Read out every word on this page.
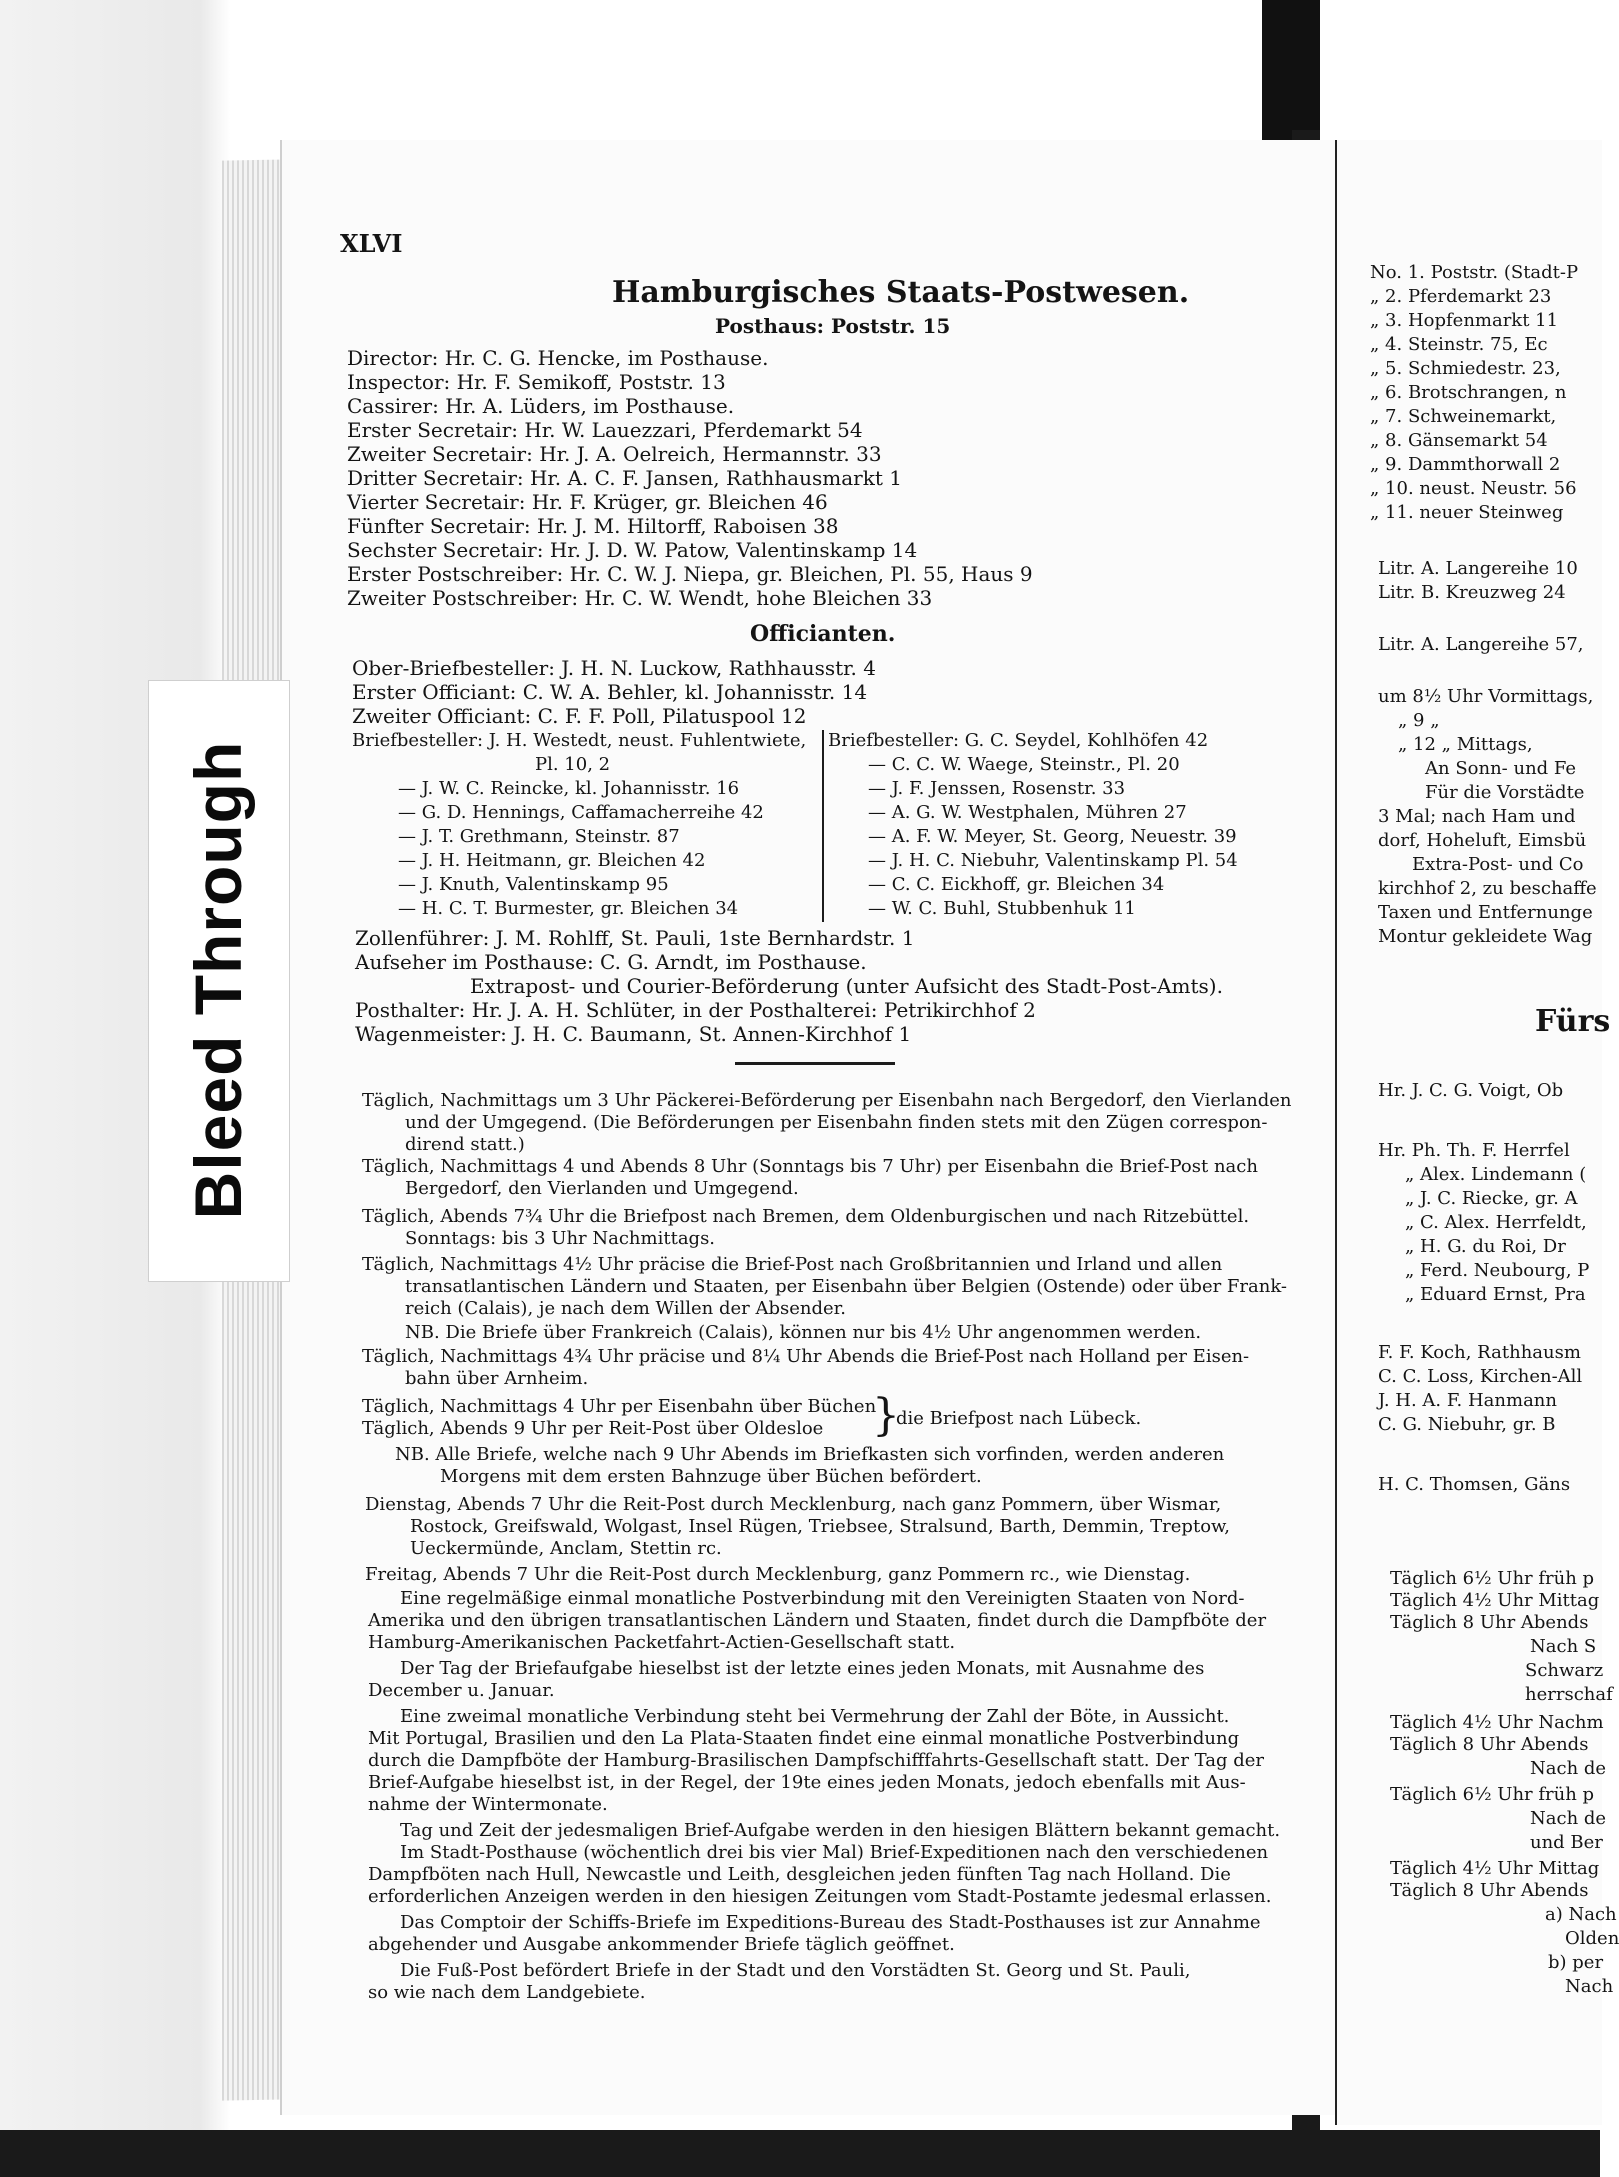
Bleed Through
XLVI
Hamburgisches Staats-Postwesen.
Posthaus: Poststr. 15
Director: Hr. C. G. Hencke, im Posthause.
Inspector: Hr. F. Semikoff, Poststr. 13
Cassirer: Hr. A. Lüders, im Posthause.
Erster Secretair: Hr. W. Lauezzari, Pferdemarkt 54
Zweiter Secretair: Hr. J. A. Oelreich, Hermannstr. 33
Dritter Secretair: Hr. A. C. F. Jansen, Rathhausmarkt 1
Vierter Secretair: Hr. F. Krüger, gr. Bleichen 46
Fünfter Secretair: Hr. J. M. Hiltorff, Raboisen 38
Sechster Secretair: Hr. J. D. W. Patow, Valentinskamp 14
Erster Postschreiber: Hr. C. W. J. Niepa, gr. Bleichen, Pl. 55, Haus 9
Zweiter Postschreiber: Hr. C. W. Wendt, hohe Bleichen 33
Officianten.
Ober-Briefbesteller: J. H. N. Luckow, Rathhausstr. 4
Erster Officiant: C. W. A. Behler, kl. Johannisstr. 14
Zweiter Officiant: C. F. F. Poll, Pilatuspool 12
Briefbesteller: J. H. Westedt, neust. Fuhlentwiete,
Pl. 10, 2
— J. W. C. Reincke, kl. Johannisstr. 16
— G. D. Hennings, Caffamacherreihe 42
— J. T. Grethmann, Steinstr. 87
— J. H. Heitmann, gr. Bleichen 42
— J. Knuth, Valentinskamp 95
— H. C. T. Burmester, gr. Bleichen 34
Briefbesteller: G. C. Seydel, Kohlhöfen 42
— C. C. W. Waege, Steinstr., Pl. 20
— J. F. Jenssen, Rosenstr. 33
— A. G. W. Westphalen, Mühren 27
— A. F. W. Meyer, St. Georg, Neuestr. 39
— J. H. C. Niebuhr, Valentinskamp Pl. 54
— C. C. Eickhoff, gr. Bleichen 34
— W. C. Buhl, Stubbenhuk 11
Zollenführer: J. M. Rohlff, St. Pauli, 1ste Bernhardstr. 1
Aufseher im Posthause: C. G. Arndt, im Posthause.
Extrapost- und Courier-Beförderung (unter Aufsicht des Stadt-Post-Amts).
Posthalter: Hr. J. A. H. Schlüter, in der Posthalterei: Petrikirchhof 2
Wagenmeister: J. H. C. Baumann, St. Annen-Kirchhof 1
Täglich, Nachmittags um 3 Uhr Päckerei-Beförderung per Eisenbahn nach Bergedorf, den Vierlanden
und der Umgegend. (Die Beförderungen per Eisenbahn finden stets mit den Zügen correspon-
dirend statt.)
Täglich, Nachmittags 4 und Abends 8 Uhr (Sonntags bis 7 Uhr) per Eisenbahn die Brief-Post nach
Bergedorf, den Vierlanden und Umgegend.
Täglich, Abends 7¾ Uhr die Briefpost nach Bremen, dem Oldenburgischen und nach Ritzebüttel.
Sonntags: bis 3 Uhr Nachmittags.
Täglich, Nachmittags 4½ Uhr präcise die Brief-Post nach Großbritannien und Irland und allen
transatlantischen Ländern und Staaten, per Eisenbahn über Belgien (Ostende) oder über Frank-
reich (Calais), je nach dem Willen der Absender.
NB. Die Briefe über Frankreich (Calais), können nur bis 4½ Uhr angenommen werden.
Täglich, Nachmittags 4¾ Uhr präcise und 8¼ Uhr Abends die Brief-Post nach Holland per Eisen-
bahn über Arnheim.
Täglich, Nachmittags 4 Uhr per Eisenbahn über Büchen
Täglich, Abends 9 Uhr per Reit-Post über Oldesloe }
die Briefpost nach Lübeck.
NB. Alle Briefe, welche nach 9 Uhr Abends im Briefkasten sich vorfinden, werden anderen
Morgens mit dem ersten Bahnzuge über Büchen befördert.
Dienstag, Abends 7 Uhr die Reit-Post durch Mecklenburg, nach ganz Pommern, über Wismar,
Rostock, Greifswald, Wolgast, Insel Rügen, Triebsee, Stralsund, Barth, Demmin, Treptow,
Ueckermünde, Anclam, Stettin rc.
Freitag, Abends 7 Uhr die Reit-Post durch Mecklenburg, ganz Pommern rc., wie Dienstag.
Eine regelmäßige einmal monatliche Postverbindung mit den Vereinigten Staaten von Nord-
Amerika und den übrigen transatlantischen Ländern und Staaten, findet durch die Dampfböte der
Hamburg-Amerikanischen Packetfahrt-Actien-Gesellschaft statt.
Der Tag der Briefaufgabe hieselbst ist der letzte eines jeden Monats, mit Ausnahme des
December u. Januar.
Eine zweimal monatliche Verbindung steht bei Vermehrung der Zahl der Böte, in Aussicht.
Mit Portugal, Brasilien und den La Plata-Staaten findet eine einmal monatliche Postverbindung
durch die Dampfböte der Hamburg-Brasilischen Dampfschifffahrts-Gesellschaft statt. Der Tag der
Brief-Aufgabe hieselbst ist, in der Regel, der 19te eines jeden Monats, jedoch ebenfalls mit Aus-
nahme der Wintermonate.
Tag und Zeit der jedesmaligen Brief-Aufgabe werden in den hiesigen Blättern bekannt gemacht.
Im Stadt-Posthause (wöchentlich drei bis vier Mal) Brief-Expeditionen nach den verschiedenen
Dampfböten nach Hull, Newcastle und Leith, desgleichen jeden fünften Tag nach Holland. Die
erforderlichen Anzeigen werden in den hiesigen Zeitungen vom Stadt-Postamte jedesmal erlassen.
Das Comptoir der Schiffs-Briefe im Expeditions-Bureau des Stadt-Posthauses ist zur Annahme
abgehender und Ausgabe ankommender Briefe täglich geöffnet.
Die Fuß-Post befördert Briefe in der Stadt und den Vorstädten St. Georg und St. Pauli,
so wie nach dem Landgebiete.
No. 1. Poststr. (Stadt-P
„ 2. Pferdemarkt 23
„ 3. Hopfenmarkt 11
„ 4. Steinstr. 75, Ec
„ 5. Schmiedestr. 23,
„ 6. Brotschrangen, n
„ 7. Schweinemarkt,
„ 8. Gänsemarkt 54
„ 9. Dammthorwall 2
„ 10. neust. Neustr. 56
„ 11. neuer Steinweg
Litr. A. Langereihe 10
Litr. B. Kreuzweg 24
Litr. A. Langereihe 57,
um 8½ Uhr Vormittags,
„ 9 „
„ 12 „ Mittags,
An Sonn- und Fe
Für die Vorstädte
3 Mal; nach Ham und
dorf, Hoheluft, Eimsbü
Extra-Post- und Co
kirchhof 2, zu beschaffe
Taxen und Entfernunge
Montur gekleidete Wag
Fürs
Hr. J. C. G. Voigt, Ob
Hr. Ph. Th. F. Herrfel
„ Alex. Lindemann (
„ J. C. Riecke, gr. A
„ C. Alex. Herrfeldt,
„ H. G. du Roi, Dr
„ Ferd. Neubourg, P
„ Eduard Ernst, Pra
F. F. Koch, Rathhausm
C. C. Loss, Kirchen-All
J. H. A. F. Hanmann
C. G. Niebuhr, gr. B
H. C. Thomsen, Gäns
Täglich 6½ Uhr früh p
Täglich 4½ Uhr Mittag
Täglich 8 Uhr Abends
Nach S
Schwarz
herrschaf
Täglich 4½ Uhr Nachm
Täglich 8 Uhr Abends
Nach de
Täglich 6½ Uhr früh p
Nach de
und Ber
Täglich 4½ Uhr Mittag
Täglich 8 Uhr Abends
a) Nach
Olden
b) per
Nach
